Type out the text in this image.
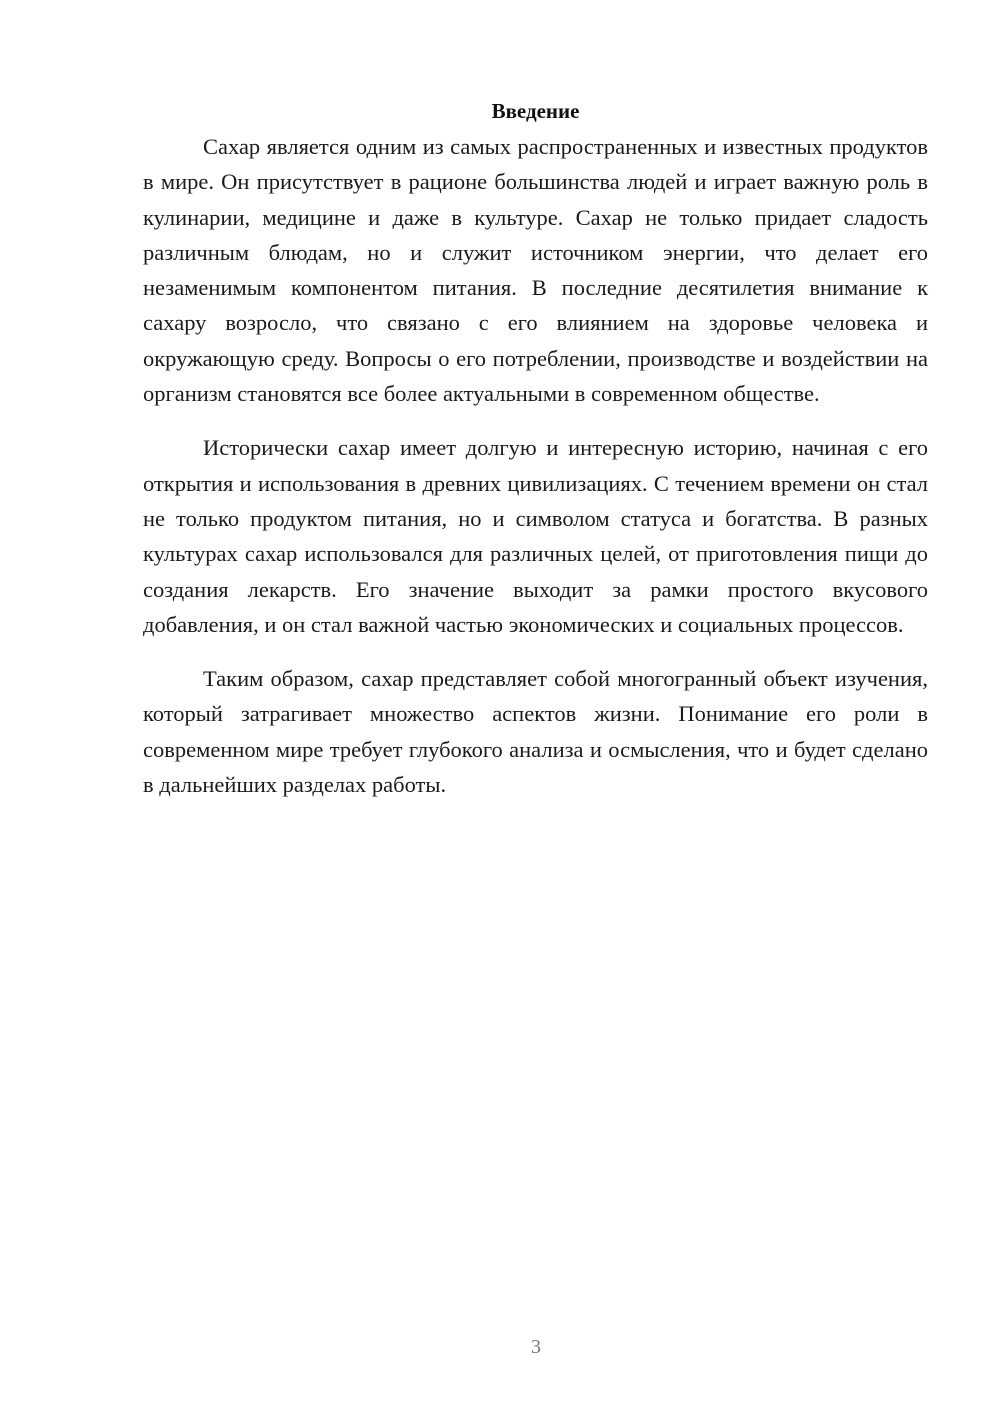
Введение

Сахар является одним из самых распространенных и известных продуктов в мире. Он присутствует в рационе большинства людей и играет важную роль в кулинарии, медицине и даже в культуре. Сахар не только придает сладость различным блюдам, но и служит источником энергии, что делает его незаменимым компонентом питания. В последние десятилетия внимание к сахару возросло, что связано с его влиянием на здоровье человека и окружающую среду. Вопросы о его потреблении, производстве и воздействии на организм становятся все более актуальными в современном обществе.

Исторически сахар имеет долгую и интересную историю, начиная с его открытия и использования в древних цивилизациях. С течением времени он стал не только продуктом питания, но и символом статуса и богатства. В разных культурах сахар использовался для различных целей, от приготовления пищи до создания лекарств. Его значение выходит за рамки простого вкусового добавления, и он стал важной частью экономических и социальных процессов.

Таким образом, сахар представляет собой многогранный объект изучения, который затрагивает множество аспектов жизни. Понимание его роли в современном мире требует глубокого анализа и осмысления, что и будет сделано в дальнейших разделах работы.

3
